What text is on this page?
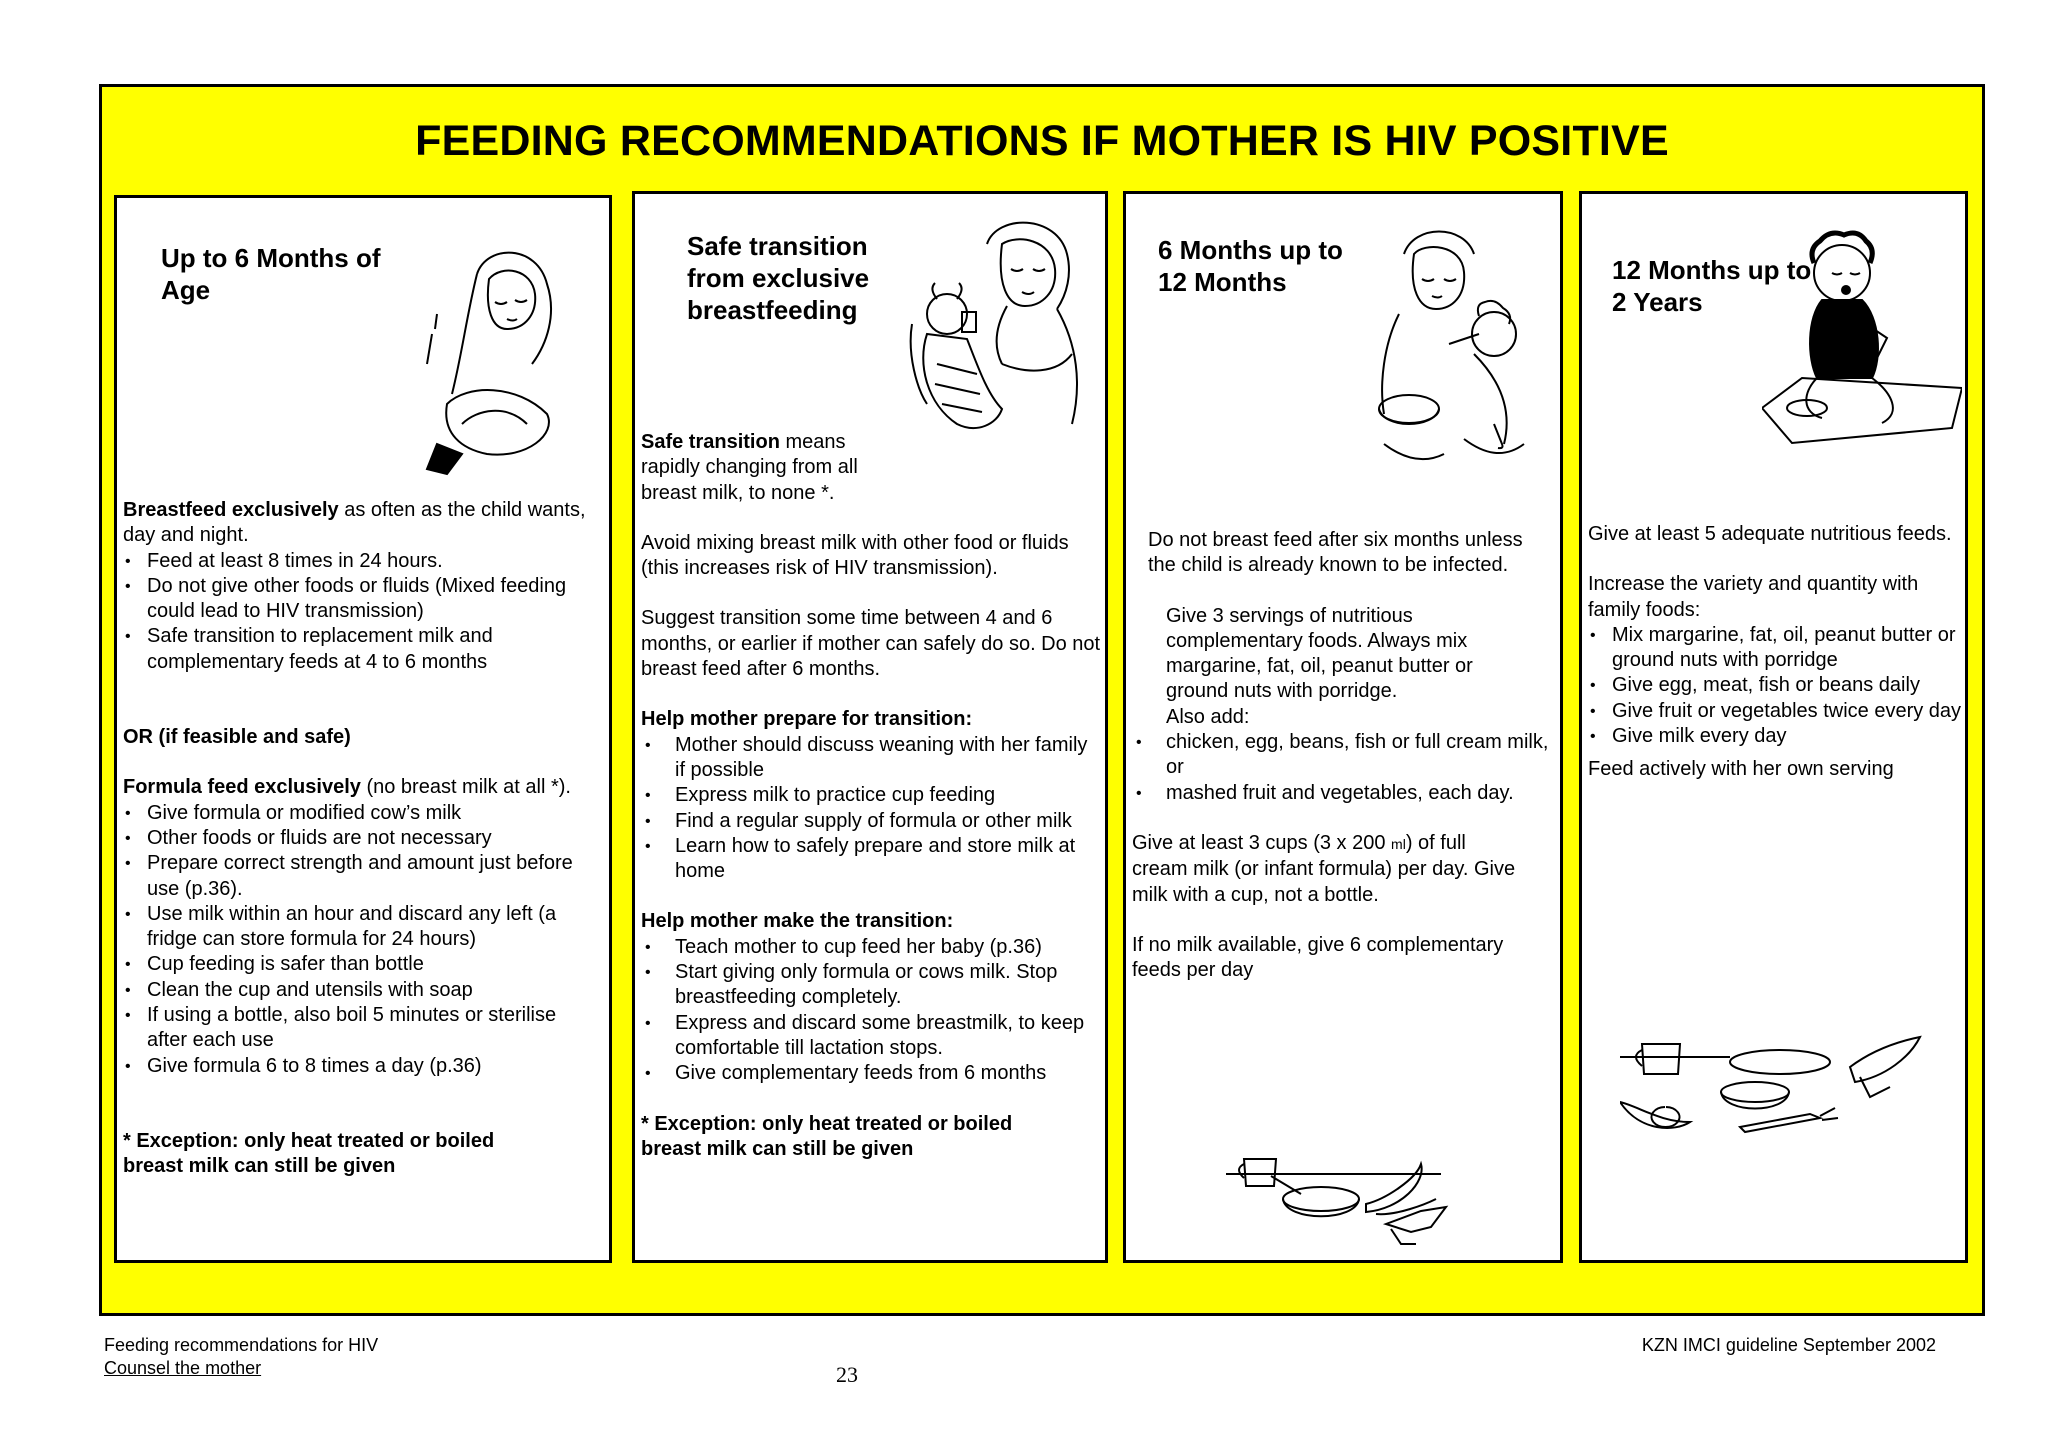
FEEDING RECOMMENDATIONS IF MOTHER IS HIV POSITIVE
Up to 6 Months of Age

Breastfeed exclusively as often as the child wants, day and night.

• Feed at least 8 times in 24 hours.
• Do not give other foods or fluids (Mixed feeding could lead to HIV transmission)
• Safe transition to replacement milk and complementary feeds at 4 to 6 months

OR (if feasible and safe)

Formula feed exclusively (no breast milk at all *).

• Give formula or modified cow’s milk
• Other foods or fluids are not necessary
• Prepare correct strength and amount just before use (p.36).
• Use milk within an hour and discard any left (a fridge can store formula for 24 hours)
• Cup feeding is safer than bottle
• Clean the cup and utensils with soap
• If using a bottle, also boil 5 minutes or sterilise after each use
• Give formula 6 to 8 times a day (p.36)

* Exception: only heat treated or boiled breast milk can still be given

Safe transition from exclusive breastfeeding

Safe transition means rapidly changing from all breast milk, to none *.

Avoid mixing breast milk with other food or fluids (this increases risk of HIV transmission).

Suggest transition some time between 4 and 6 months, or earlier if mother can safely do so. Do not breast feed after 6 months.

Help mother prepare for transition:

• Mother should discuss weaning with her family if possible
• Express milk to practice cup feeding
• Find a regular supply of formula or other milk
• Learn how to safely prepare and store milk at home

Help mother make the transition:

• Teach mother to cup feed her baby (p.36)
• Start giving only formula or cows milk. Stop breastfeeding completely.
• Express and discard some breastmilk, to keep comfortable till lactation stops.
• Give complementary feeds from 6 months

* Exception: only heat treated or boiled breast milk can still be given

6 Months up to 12 Months

Do not breast feed after six months unless the child is already known to be infected.

Give 3 servings of nutritious complementary foods. Always mix margarine, fat, oil, peanut butter or ground nuts with porridge.

Also add:

• chicken, egg, beans, fish or full cream milk, or
• mashed fruit and vegetables, each day.

Give at least 3 cups (3 x 200 ml) of full cream milk (or infant formula) per day. Give milk with a cup, not a bottle.

If no milk available, give 6 complementary feeds per day

12 Months up to 2 Years

Give at least 5 adequate nutritious feeds.

Increase the variety and quantity with family foods:

• Mix margarine, fat, oil, peanut butter or ground nuts with porridge
• Give egg, meat, fish or beans daily
• Give fruit or vegetables twice every day
• Give milk every day

Feed actively with her own serving

Feeding recommendations for HIV
Counsel the mother	23
KZN IMCI guideline September 2002
